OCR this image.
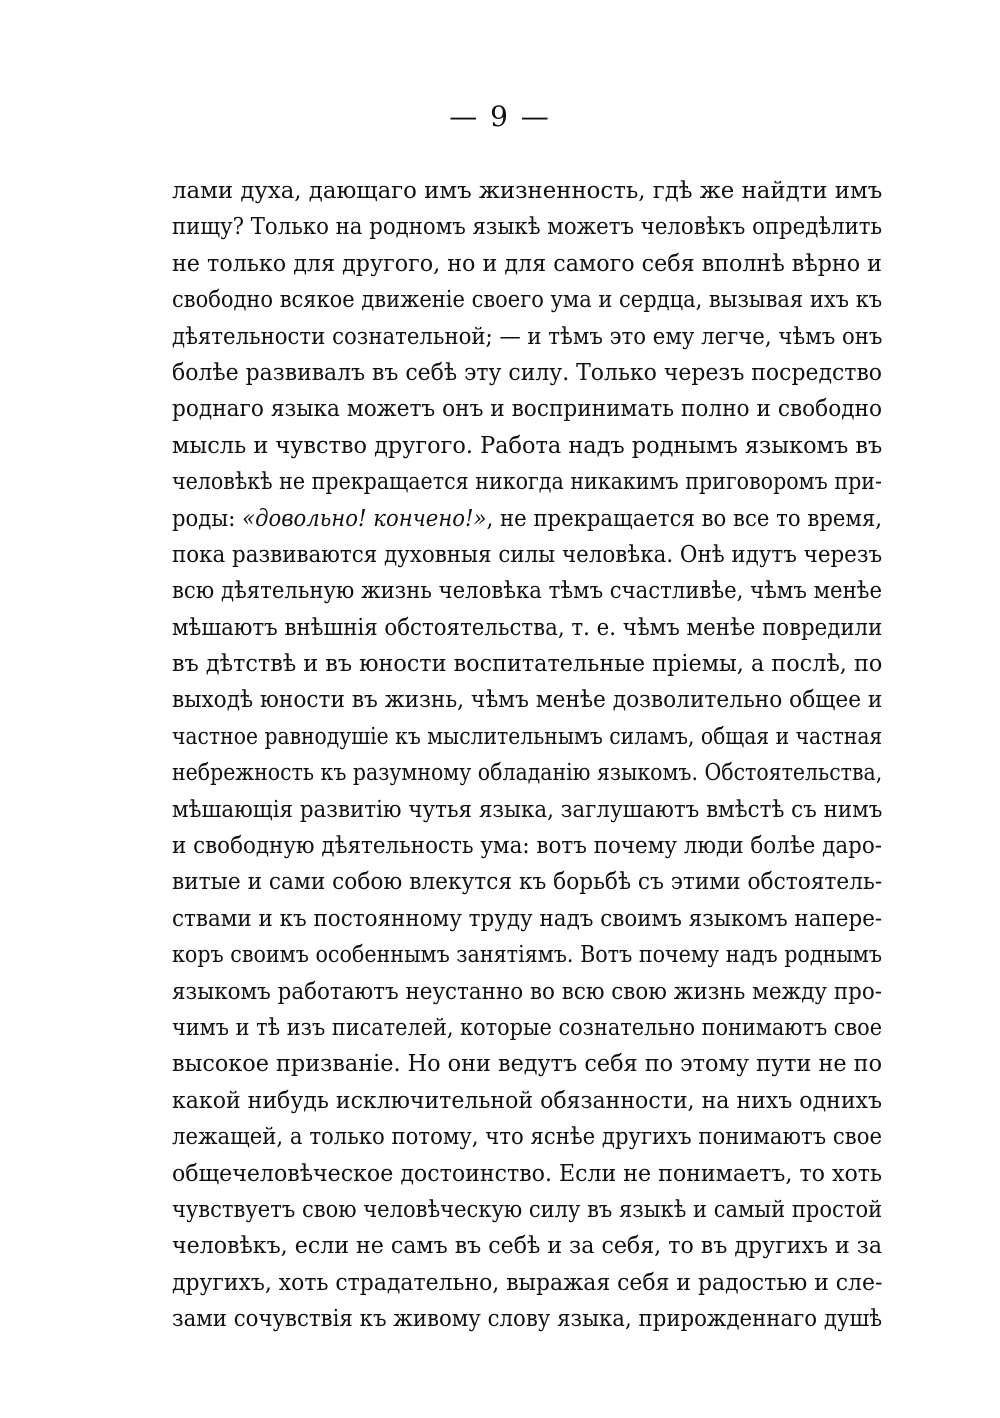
— 9 —
лами духа, дающаго имъ жизненность, гдѣ же найдти имъ
пищу? Только на родномъ языкѣ можетъ человѣкъ опредѣлить
не только для другого, но и для самого себя вполнѣ вѣрно и
свободно всякое движеніе своего ума и сердца, вызывая ихъ къ
дѣятельности сознательной; — и тѣмъ это ему легче, чѣмъ онъ
болѣе развивалъ въ себѣ эту силу. Только черезъ посредство
роднаго языка можетъ онъ и воспринимать полно и свободно
мысль и чувство другого. Работа надъ роднымъ языкомъ въ
человѣкѣ не прекращается никогда никакимъ приговоромъ при-
роды: «довольно! кончено!», не прекращается во все то время,
пока развиваются духовныя силы человѣка. Онѣ идутъ черезъ
всю дѣятельную жизнь человѣка тѣмъ счастливѣе, чѣмъ менѣе
мѣшаютъ внѣшнія обстоятельства, т. е. чѣмъ менѣе повредили
въ дѣтствѣ и въ юности воспитательные пріемы, а послѣ, по
выходѣ юности въ жизнь, чѣмъ менѣе дозволительно общее и
частное равнодушіе къ мыслительнымъ силамъ, общая и частная
небрежность къ разумному обладанію языкомъ. Обстоятельства,
мѣшающія развитію чутья языка, заглушаютъ вмѣстѣ съ нимъ
и свободную дѣятельность ума: вотъ почему люди болѣе даро-
витые и сами собою влекутся къ борьбѣ съ этими обстоятель-
ствами и къ постоянному труду надъ своимъ языкомъ напере-
коръ своимъ особеннымъ занятіямъ. Вотъ почему надъ роднымъ
языкомъ работаютъ неустанно во всю свою жизнь между про-
чимъ и тѣ изъ писателей, которые сознательно понимаютъ свое
высокое призваніе. Но они ведутъ себя по этому пути не по
какой нибудь исключительной обязанности, на нихъ однихъ
лежащей, а только потому, что яснѣе другихъ понимаютъ свое
общечеловѣческое достоинство. Если не понимаетъ, то хоть
чувствуетъ свою человѣческую силу въ языкѣ и самый простой
человѣкъ, если не самъ въ себѣ и за себя, то въ другихъ и за
другихъ, хоть страдательно, выражая себя и радостью и сле-
зами сочувствія къ живому слову языка, прирожденнаго душѣ
